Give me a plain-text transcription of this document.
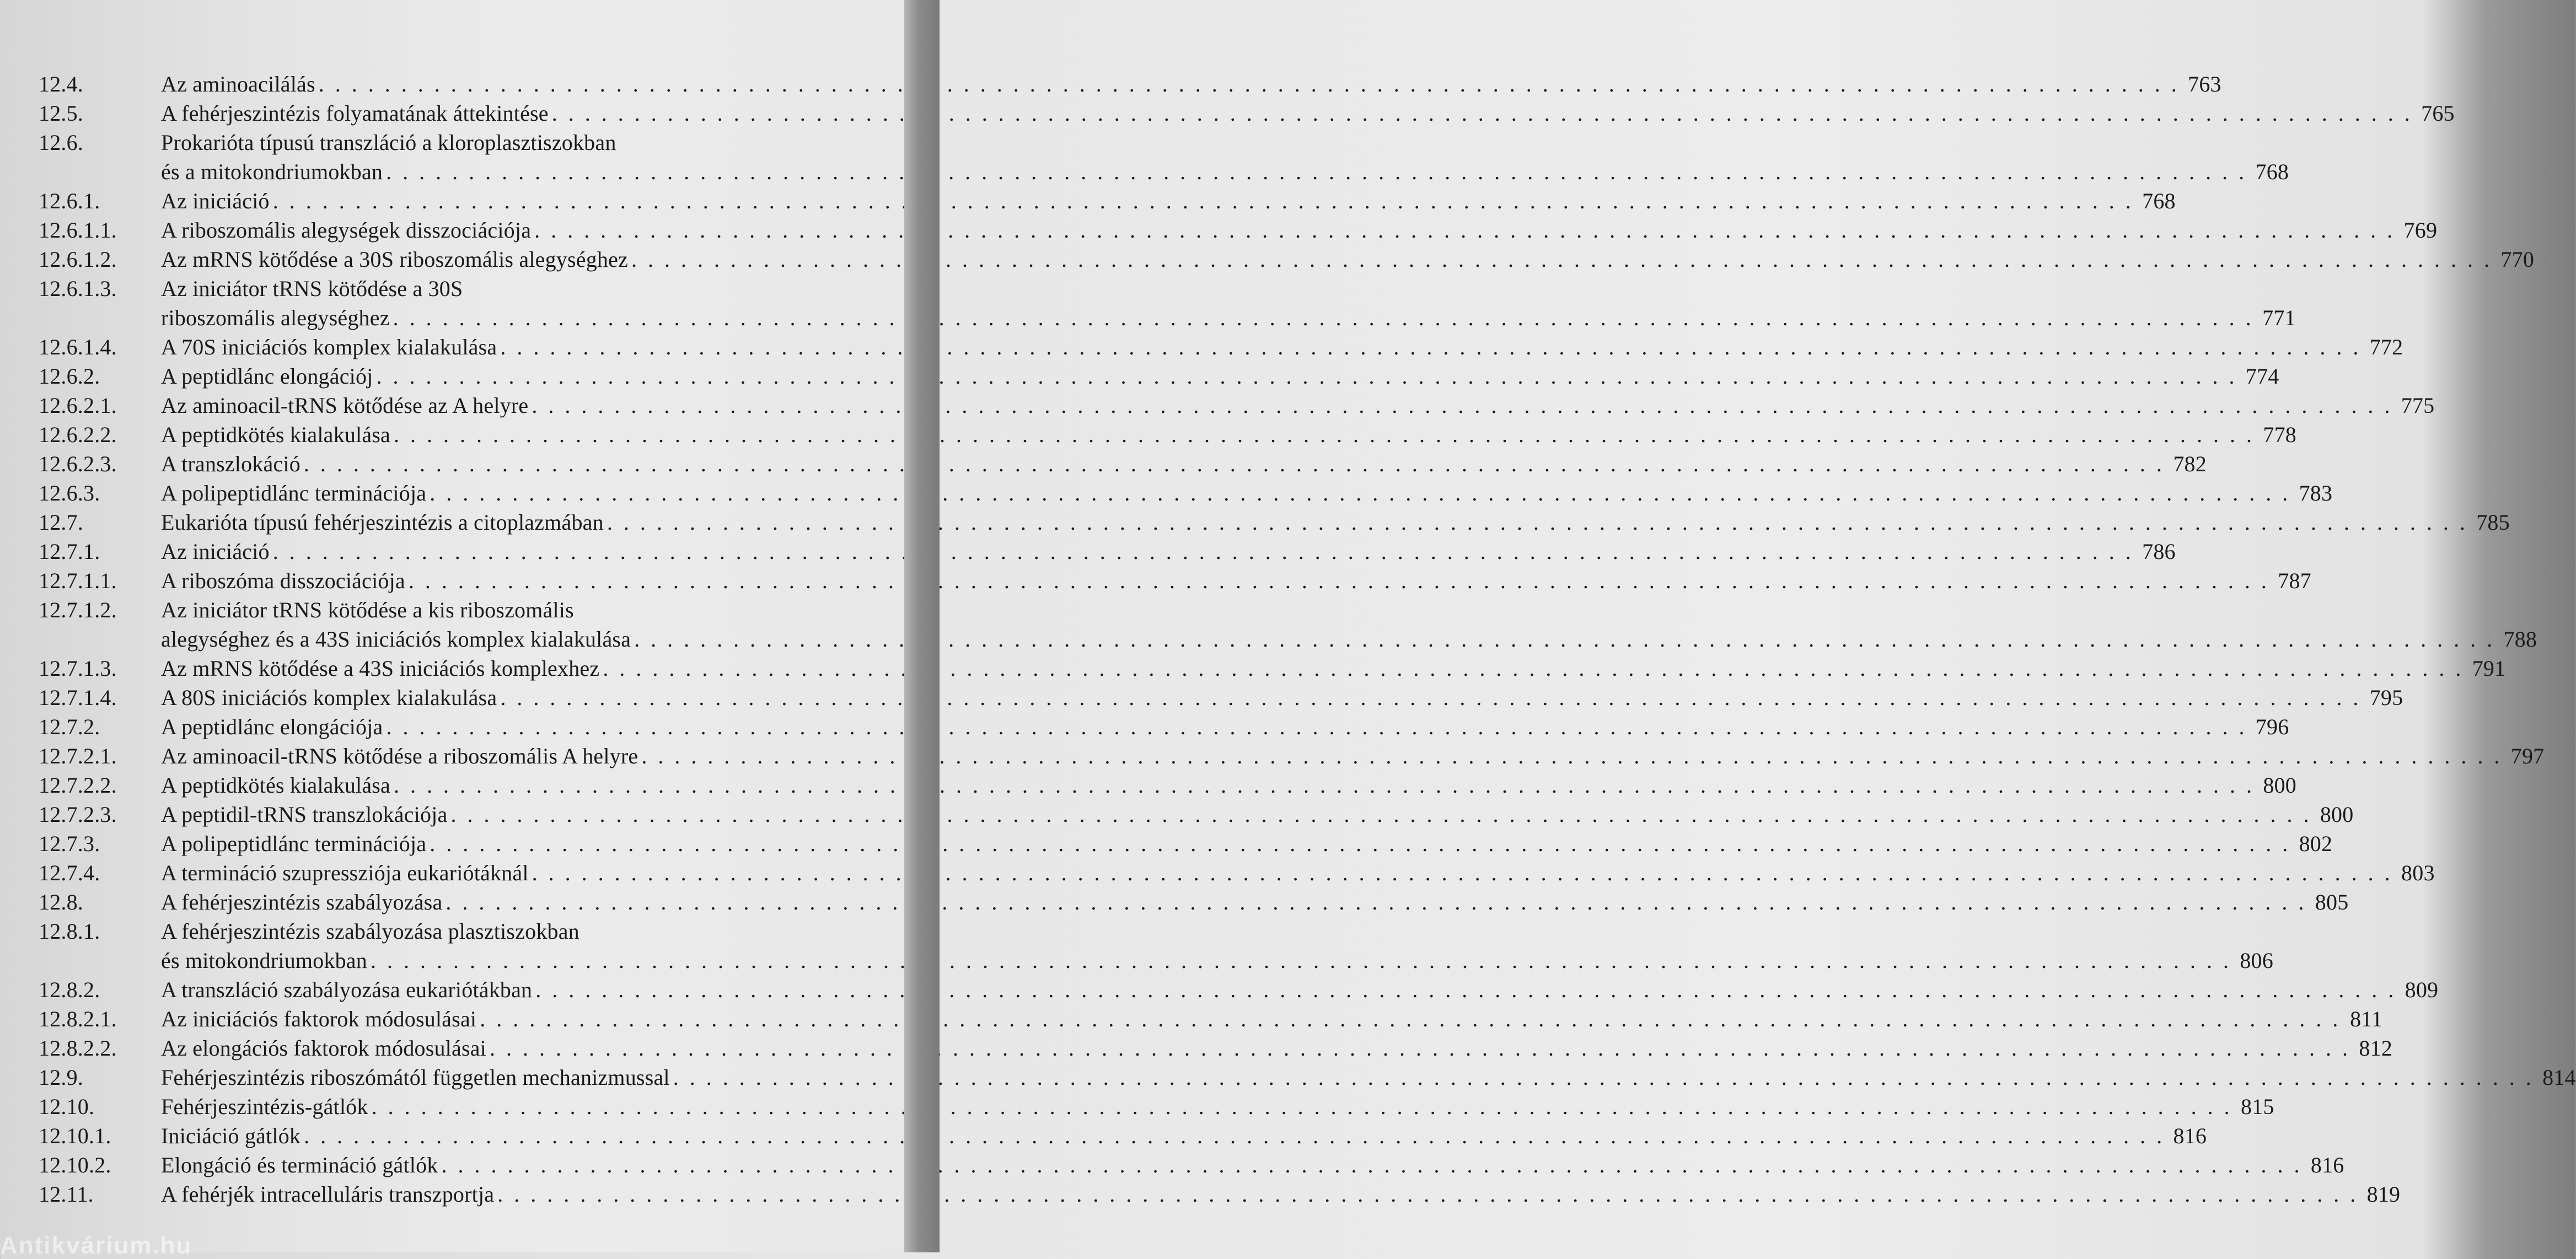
12.4.	Az aminoacilálás . . .	763
12.5.	A fehérjeszintézis folyamatának áttekintése . . .	765
12.6.	Prokarióta típusú transzláció a kloroplasztiszokban
és a mitokondriumokban . . .	768
12.6.1.	Az iniciáció . . .	768
12.6.1.1.	A riboszomális alegységek disszociációja . . .	769
12.6.1.2.	Az mRNS kötődése a 30S riboszomális alegységhez . . .	770
12.6.1.3.	Az iniciátor tRNS kötődése a 30S
riboszomális alegységhez . . .	771
12.6.1.4.	A 70S iniciációs komplex kialakulása . . .	772
12.6.2.	A peptidlánc elongációj . . .	774
12.6.2.1.	Az aminoacil-tRNS kötődése az A helyre . . .	775
12.6.2.2.	A peptidkötés kialakulása . . .	778
12.6.2.3.	A transzlokáció . . .	782
12.6.3.	A polipeptidlánc terminációja . . .	783
12.7.	Eukarióta típusú fehérjeszintézis a citoplazmában . . .	785
12.7.1.	Az iniciáció . . .	786
12.7.1.1.	A riboszóma disszociációja . . .	787
12.7.1.2.	Az iniciátor tRNS kötődése a kis riboszomális
alegységhez és a 43S iniciációs komplex kialakulása . . .	788
12.7.1.3.	Az mRNS kötődése a 43S iniciációs komplexhez . . .	791
12.7.1.4.	A 80S iniciációs komplex kialakulása . . .	795
12.7.2.	A peptidlánc elongációja . . .	796
12.7.2.1.	Az aminoacil-tRNS kötődése a riboszomális A helyre . . .	797
12.7.2.2.	A peptidkötés kialakulása . . .	800
12.7.2.3.	A peptidil-tRNS transzlokációja . . .	800
12.7.3.	A polipeptidlánc terminációja . . .	802
12.7.4.	A termináció szupressziója eukariótáknál . . .	803
12.8.	A fehérjeszintézis szabályozása . . .	805
12.8.1.	A fehérjeszintézis szabályozása plasztiszokban
és mitokondriumokban . . .	806
12.8.2.	A transzláció szabályozása eukariótákban . . .	809
12.8.2.1.	Az iniciációs faktorok módosulásai . . .	811
12.8.2.2.	Az elongációs faktorok módosulásai . . .	812
12.9.	Fehérjeszintézis riboszómától független mechanizmussal . . .	814
12.10.	Fehérjeszintézis-gátlók . . .	815
12.10.1.	Iniciáció gátlók . . .	816
12.10.2.	Elongáció és termináció gátlók . . .	816
12.11.	A fehérjék intracelluláris transzportja . . .	819
Antikvárium.hu
